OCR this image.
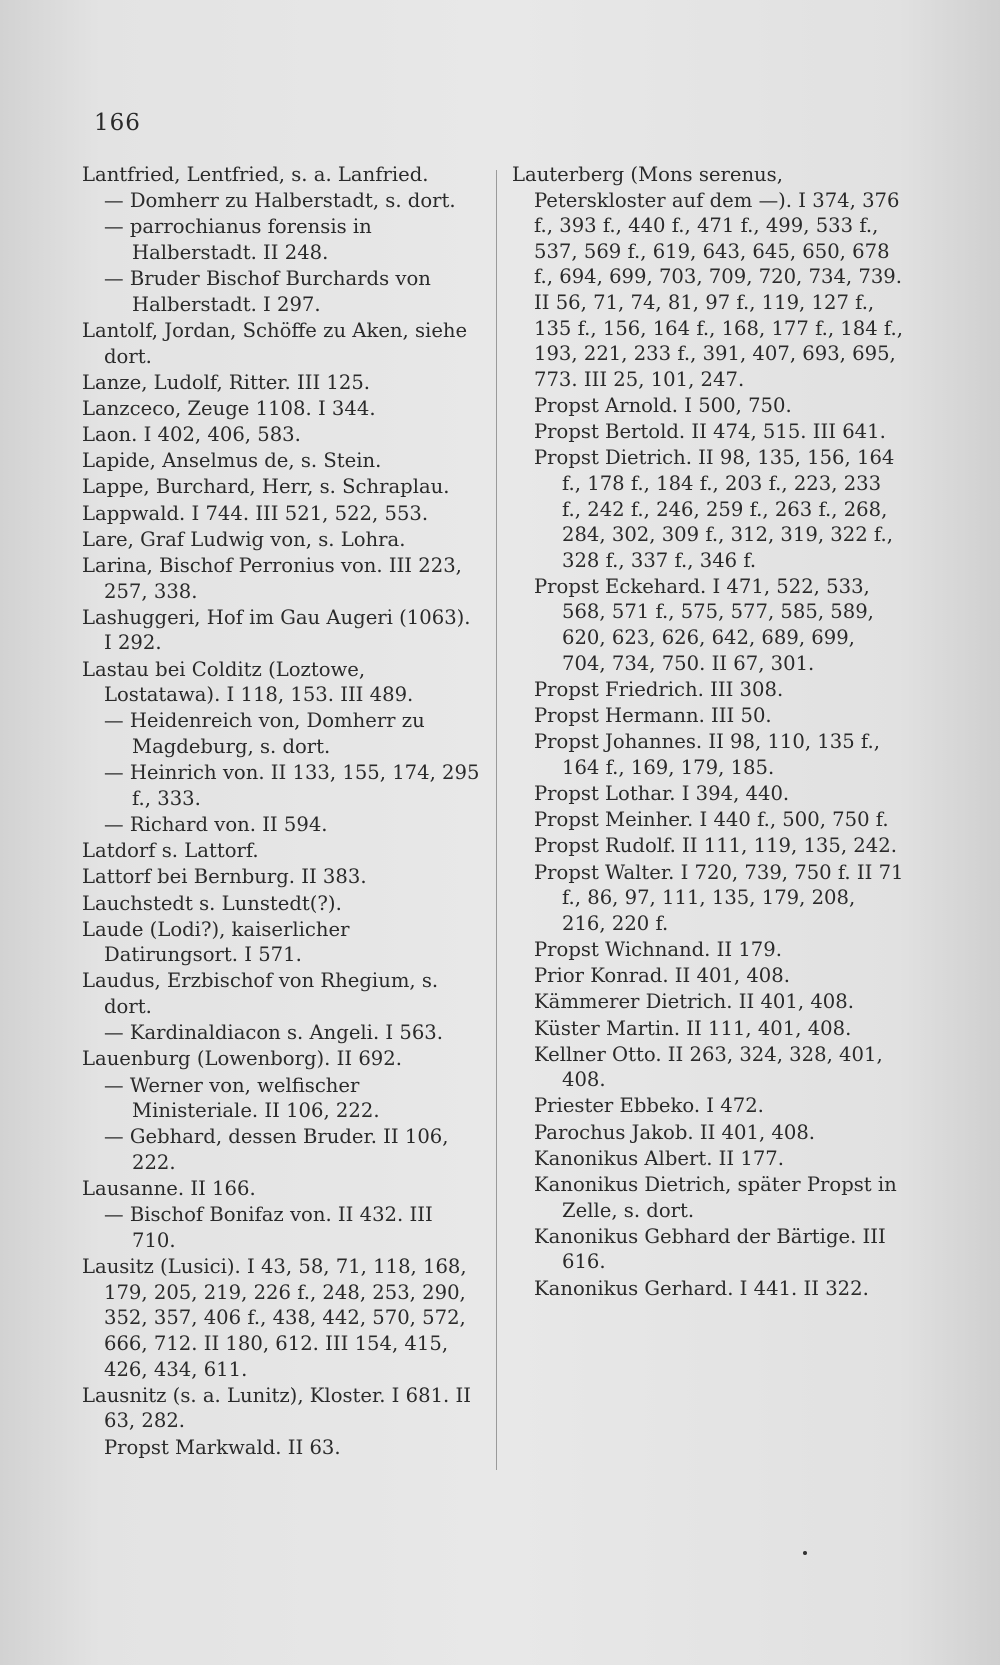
166
Lantfried, Lentfried, s. a. Lanfried.
— Domherr zu Halberstadt, s. dort.
— parrochianus forensis in Halberstadt. II 248.
— Bruder Bischof Burchards von Halberstadt. I 297.
Lantolf, Jordan, Schöffe zu Aken, siehe dort.
Lanze, Ludolf, Ritter. III 125.
Lanzceco, Zeuge 1108. I 344.
Laon. I 402, 406, 583.
Lapide, Anselmus de, s. Stein.
Lappe, Burchard, Herr, s. Schraplau.
Lappwald. I 744. III 521, 522, 553.
Lare, Graf Ludwig von, s. Lohra.
Larina, Bischof Perronius von. III 223, 257, 338.
Lashuggeri, Hof im Gau Augeri (1063). I 292.
Lastau bei Colditz (Loztowe, Lostatawa). I 118, 153. III 489.
— Heidenreich von, Domherr zu Magdeburg, s. dort.
— Heinrich von. II 133, 155, 174, 295 f., 333.
— Richard von. II 594.
Latdorf s. Lattorf.
Lattorf bei Bernburg. II 383.
Lauchstedt s. Lunstedt(?).
Laude (Lodi?), kaiserlicher Datirungsort. I 571.
Laudus, Erzbischof von Rhegium, s. dort.
— Kardinaldiacon s. Angeli. I 563.
Lauenburg (Lowenborg). II 692.
— Werner von, welfischer Ministeriale. II 106, 222.
— Gebhard, dessen Bruder. II 106, 222.
Lausanne. II 166.
— Bischof Bonifaz von. II 432. III 710.
Lausitz (Lusici). I 43, 58, 71, 118, 168, 179, 205, 219, 226 f., 248, 253, 290, 352, 357, 406 f., 438, 442, 570, 572, 666, 712. II 180, 612. III 154, 415, 426, 434, 611.
Lausnitz (s. a. Lunitz), Kloster. I 681. II 63, 282.
Propst Markwald. II 63.
Lauterberg (Mons serenus, Peterskloster auf dem —). I 374, 376 f., 393 f., 440 f., 471 f., 499, 533 f., 537, 569 f., 619, 643, 645, 650, 678 f., 694, 699, 703, 709, 720, 734, 739. II 56, 71, 74, 81, 97 f., 119, 127 f., 135 f., 156, 164 f., 168, 177 f., 184 f., 193, 221, 233 f., 391, 407, 693, 695, 773. III 25, 101, 247.
Propst Arnold. I 500, 750.
Propst Bertold. II 474, 515. III 641.
Propst Dietrich. II 98, 135, 156, 164 f., 178 f., 184 f., 203 f., 223, 233 f., 242 f., 246, 259 f., 263 f., 268, 284, 302, 309 f., 312, 319, 322 f., 328 f., 337 f., 346 f.
Propst Eckehard. I 471, 522, 533, 568, 571 f., 575, 577, 585, 589, 620, 623, 626, 642, 689, 699, 704, 734, 750. II 67, 301.
Propst Friedrich. III 308.
Propst Hermann. III 50.
Propst Johannes. II 98, 110, 135 f., 164 f., 169, 179, 185.
Propst Lothar. I 394, 440.
Propst Meinher. I 440 f., 500, 750 f.
Propst Rudolf. II 111, 119, 135, 242.
Propst Walter. I 720, 739, 750 f. II 71 f., 86, 97, 111, 135, 179, 208, 216, 220 f.
Propst Wichnand. II 179.
Prior Konrad. II 401, 408.
Kämmerer Dietrich. II 401, 408.
Küster Martin. II 111, 401, 408.
Kellner Otto. II 263, 324, 328, 401, 408.
Priester Ebbeko. I 472.
Parochus Jakob. II 401, 408.
Kanonikus Albert. II 177.
Kanonikus Dietrich, später Propst in Zelle, s. dort.
Kanonikus Gebhard der Bärtige. III 616.
Kanonikus Gerhard. I 441. II 322.
